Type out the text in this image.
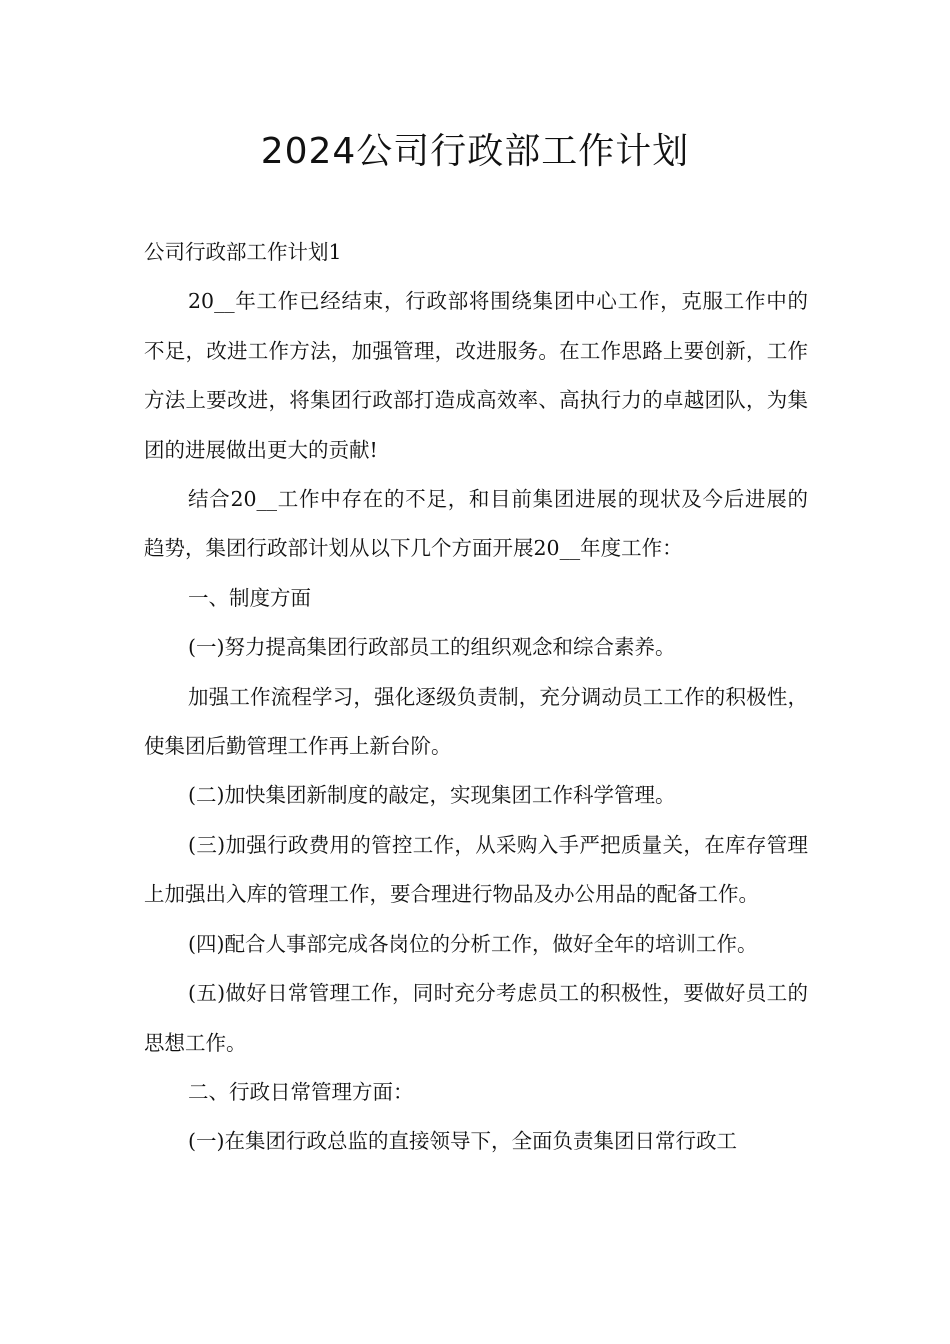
2024公司行政部工作计划

公司行政部工作计划1

20__年工作已经结束，行政部将围绕集团中心工作，克服工作中的不足，改进工作方法，加强管理，改进服务。在工作思路上要创新，工作方法上要改进，将集团行政部打造成高效率、高执行力的卓越团队，为集团的进展做出更大的贡献!

结合20__工作中存在的不足，和目前集团进展的现状及今后进展的趋势，集团行政部计划从以下几个方面开展20__年度工作：

一、制度方面

(一)努力提高集团行政部员工的组织观念和综合素养。

加强工作流程学习，强化逐级负责制，充分调动员工工作的积极性，使集团后勤管理工作再上新台阶。

(二)加快集团新制度的敲定，实现集团工作科学管理。

(三)加强行政费用的管控工作，从采购入手严把质量关，在库存管理上加强出入库的管理工作，要合理进行物品及办公用品的配备工作。

(四)配合人事部完成各岗位的分析工作，做好全年的培训工作。

(五)做好日常管理工作，同时充分考虑员工的积极性，要做好员工的思想工作。

二、行政日常管理方面：

(一)在集团行政总监的直接领导下，全面负责集团日常行政工
